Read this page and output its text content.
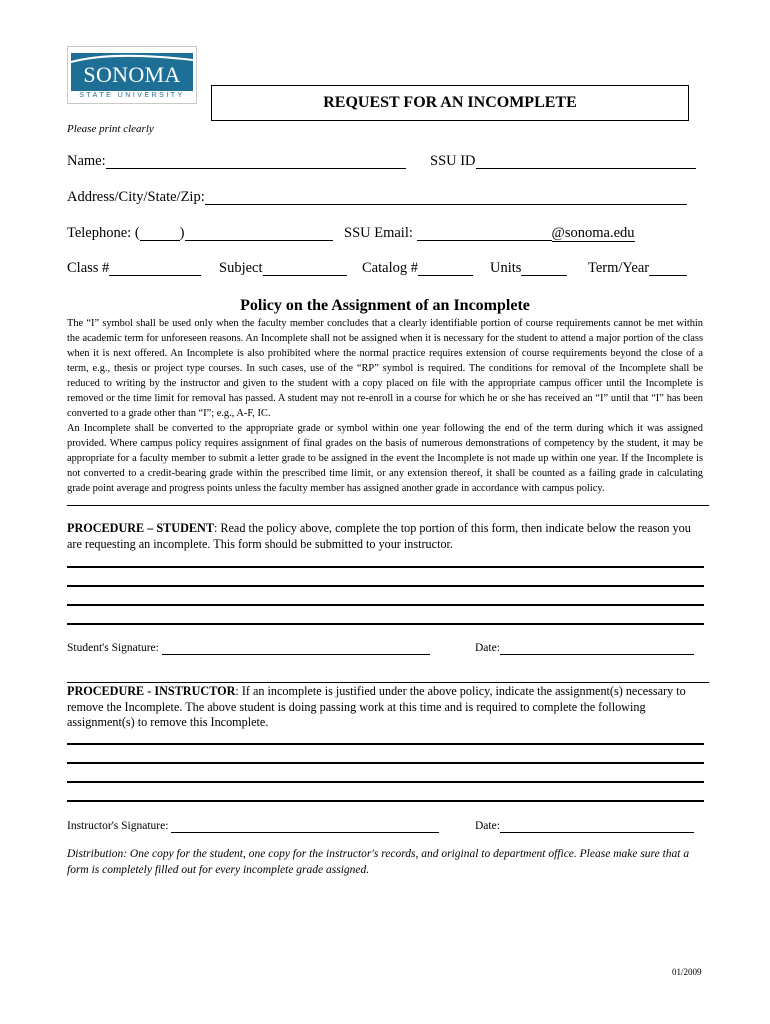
SONOMA
STATE UNIVERSITY	REQUEST FOR AN INCOMPLETE
Please print clearly
Name:	SSU ID
Address/City/State/Zip:
Telephone: (	)	SSU Email:	@sonoma.edu
Class #	Subject	Catalog #	Units	Term/Year
Policy on the Assignment of an Incomplete
The “I” symbol shall be used only when the faculty member concludes that a clearly identifiable portion of course requirements cannot be met within the academic term for unforeseen reasons. An Incomplete shall not be assigned when it is necessary for the student to attend a major portion of the class when it is next offered. An Incomplete is also prohibited where the normal practice requires extension of course requirements beyond the close of a term, e.g., thesis or project type courses. In such cases, use of the “RP” symbol is required. The conditions for removal of the Incomplete shall be reduced to writing by the instructor and given to the student with a copy placed on file with the appropriate campus officer until the Incomplete is removed or the time limit for removal has passed. A student may not re-enroll in a course for which he or she has received an “I” until that “I” has been converted to a grade other than “I”; e.g., A-F, IC.
An Incomplete shall be converted to the appropriate grade or symbol within one year following the end of the term during which it was assigned provided. Where campus policy requires assignment of final grades on the basis of numerous demonstrations of competency by the student, it may be appropriate for a faculty member to submit a letter grade to be assigned in the event the Incomplete is not made up within one year. If the Incomplete is not converted to a credit-bearing grade within the prescribed time limit, or any extension thereof, it shall be counted as a failing grade in calculating grade point average and progress points unless the faculty member has assigned another grade in accordance with campus policy.
PROCEDURE – STUDENT: Read the policy above, complete the top portion of this form, then indicate below the reason you are requesting an incomplete. This form should be submitted to your instructor.
Student's Signature:	Date:
PROCEDURE - INSTRUCTOR: If an incomplete is justified under the above policy, indicate the assignment(s) necessary to remove the Incomplete. The above student is doing passing work at this time and is required to complete the following assignment(s) to remove this Incomplete.
Instructor's Signature:	Date:
Distribution: One copy for the student, one copy for the instructor's records, and original to department office. Please make sure that a form is completely filled out for every incomplete grade assigned.
01/2009
